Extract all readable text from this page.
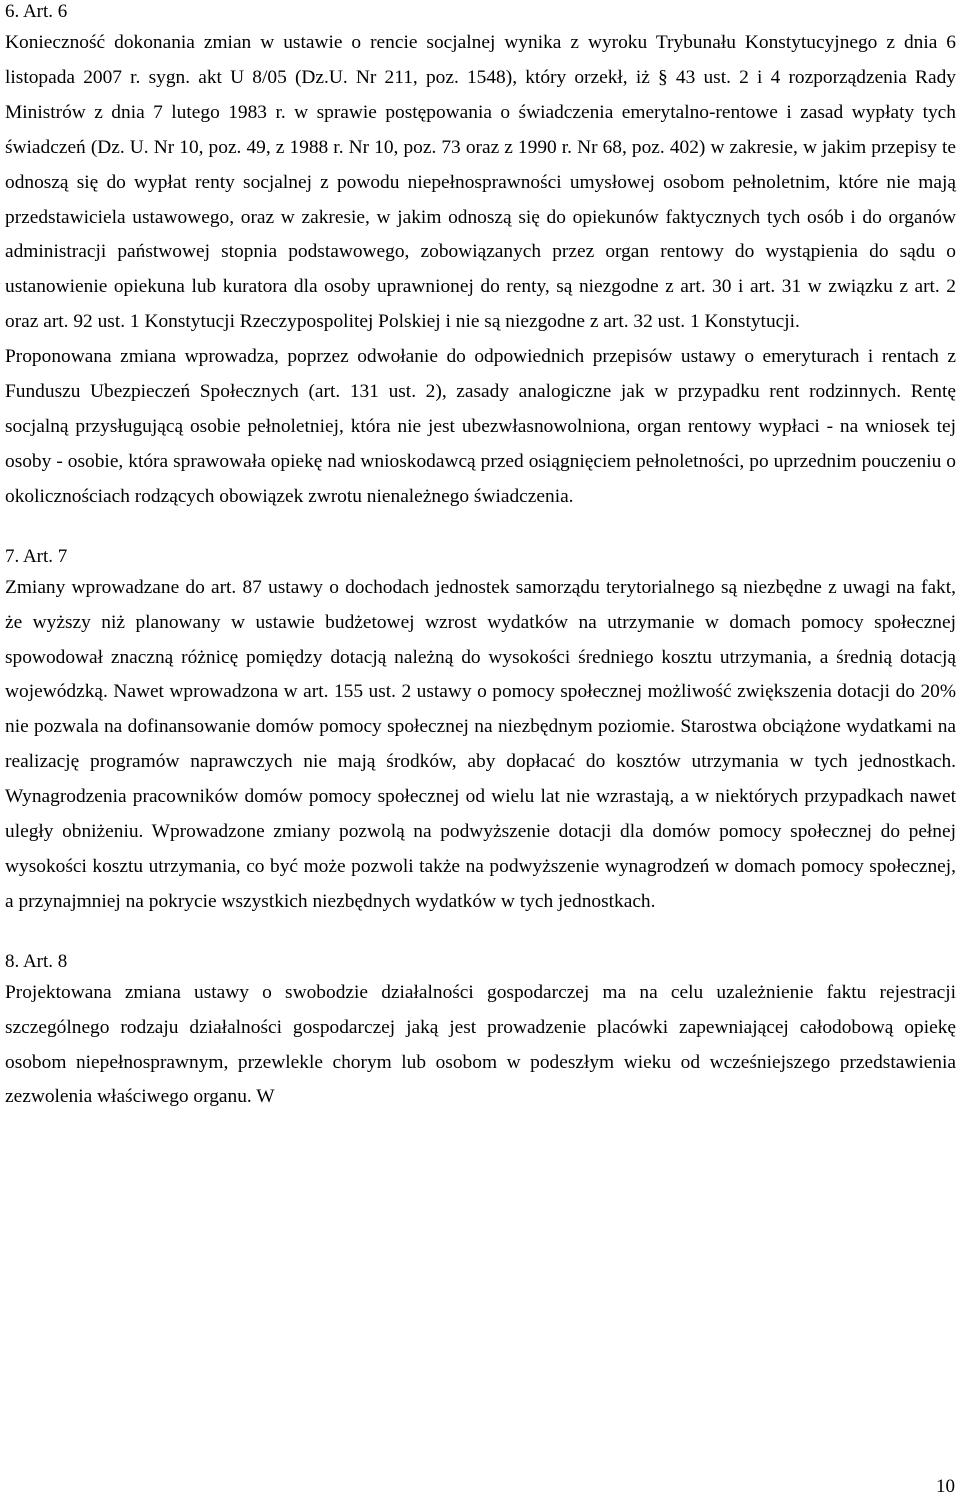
6. Art. 6

Konieczność dokonania zmian w ustawie o rencie socjalnej wynika z wyroku Trybunału Konstytucyjnego z dnia 6 listopada 2007 r. sygn. akt U 8/05 (Dz.U. Nr 211, poz. 1548), który orzekł, iż § 43 ust. 2 i 4 rozporządzenia Rady Ministrów z dnia 7 lutego 1983 r. w sprawie postępowania o świadczenia emerytalno-rentowe i zasad wypłaty tych świadczeń (Dz. U. Nr 10, poz. 49, z 1988 r. Nr 10, poz. 73 oraz z 1990 r. Nr 68, poz. 402) w zakresie, w jakim przepisy te odnoszą się do wypłat renty socjalnej z powodu niepełnosprawności umysłowej osobom pełnoletnim, które nie mają przedstawiciela ustawowego, oraz w zakresie, w jakim odnoszą się do opiekunów faktycznych tych osób i do organów administracji państwowej stopnia podstawowego, zobowiązanych przez organ rentowy do wystąpienia do sądu o ustanowienie opiekuna lub kuratora dla osoby uprawnionej do renty, są niezgodne z art. 30 i art. 31 w związku z art. 2 oraz art. 92 ust. 1 Konstytucji Rzeczypospolitej Polskiej i nie są niezgodne z art. 32 ust. 1 Konstytucji.

Proponowana zmiana wprowadza, poprzez odwołanie do odpowiednich przepisów ustawy o emeryturach i rentach z Funduszu Ubezpieczeń Społecznych (art. 131 ust. 2), zasady analogiczne jak w przypadku rent rodzinnych. Rentę socjalną przysługującą osobie pełnoletniej, która nie jest ubezwłasnowolniona, organ rentowy wypłaci - na wniosek tej osoby - osobie, która sprawowała opiekę nad wnioskodawcą przed osiągnięciem pełnoletności, po uprzednim pouczeniu o okolicznościach rodzących obowiązek zwrotu nienależnego świadczenia.

7. Art. 7

Zmiany wprowadzane do art. 87 ustawy o dochodach jednostek samorządu terytorialnego są niezbędne z uwagi na fakt, że wyższy niż planowany w ustawie budżetowej wzrost wydatków na utrzymanie w domach pomocy społecznej spowodował znaczną różnicę pomiędzy dotacją należną do wysokości średniego kosztu utrzymania, a średnią dotacją wojewódzką. Nawet wprowadzona w art. 155 ust. 2 ustawy o pomocy społecznej możliwość zwiększenia dotacji do 20% nie pozwala na dofinansowanie domów pomocy społecznej na niezbędnym poziomie. Starostwa obciążone wydatkami na realizację programów naprawczych nie mają środków, aby dopłacać do kosztów utrzymania w tych jednostkach. Wynagrodzenia pracowników domów pomocy społecznej od wielu lat nie wzrastają, a w niektórych przypadkach nawet uległy obniżeniu. Wprowadzone zmiany pozwolą na podwyższenie dotacji dla domów pomocy społecznej do pełnej wysokości kosztu utrzymania, co być może pozwoli także na podwyższenie wynagrodzeń w domach pomocy społecznej, a przynajmniej na pokrycie wszystkich niezbędnych wydatków w tych jednostkach.

8. Art. 8

Projektowana zmiana ustawy o swobodzie działalności gospodarczej ma na celu uzależnienie faktu rejestracji szczególnego rodzaju działalności gospodarczej jaką jest prowadzenie placówki zapewniającej całodobową opiekę osobom niepełnosprawnym, przewlekle chorym lub osobom w podeszłym wieku od wcześniejszego przedstawienia zezwolenia właściwego organu. W

10
